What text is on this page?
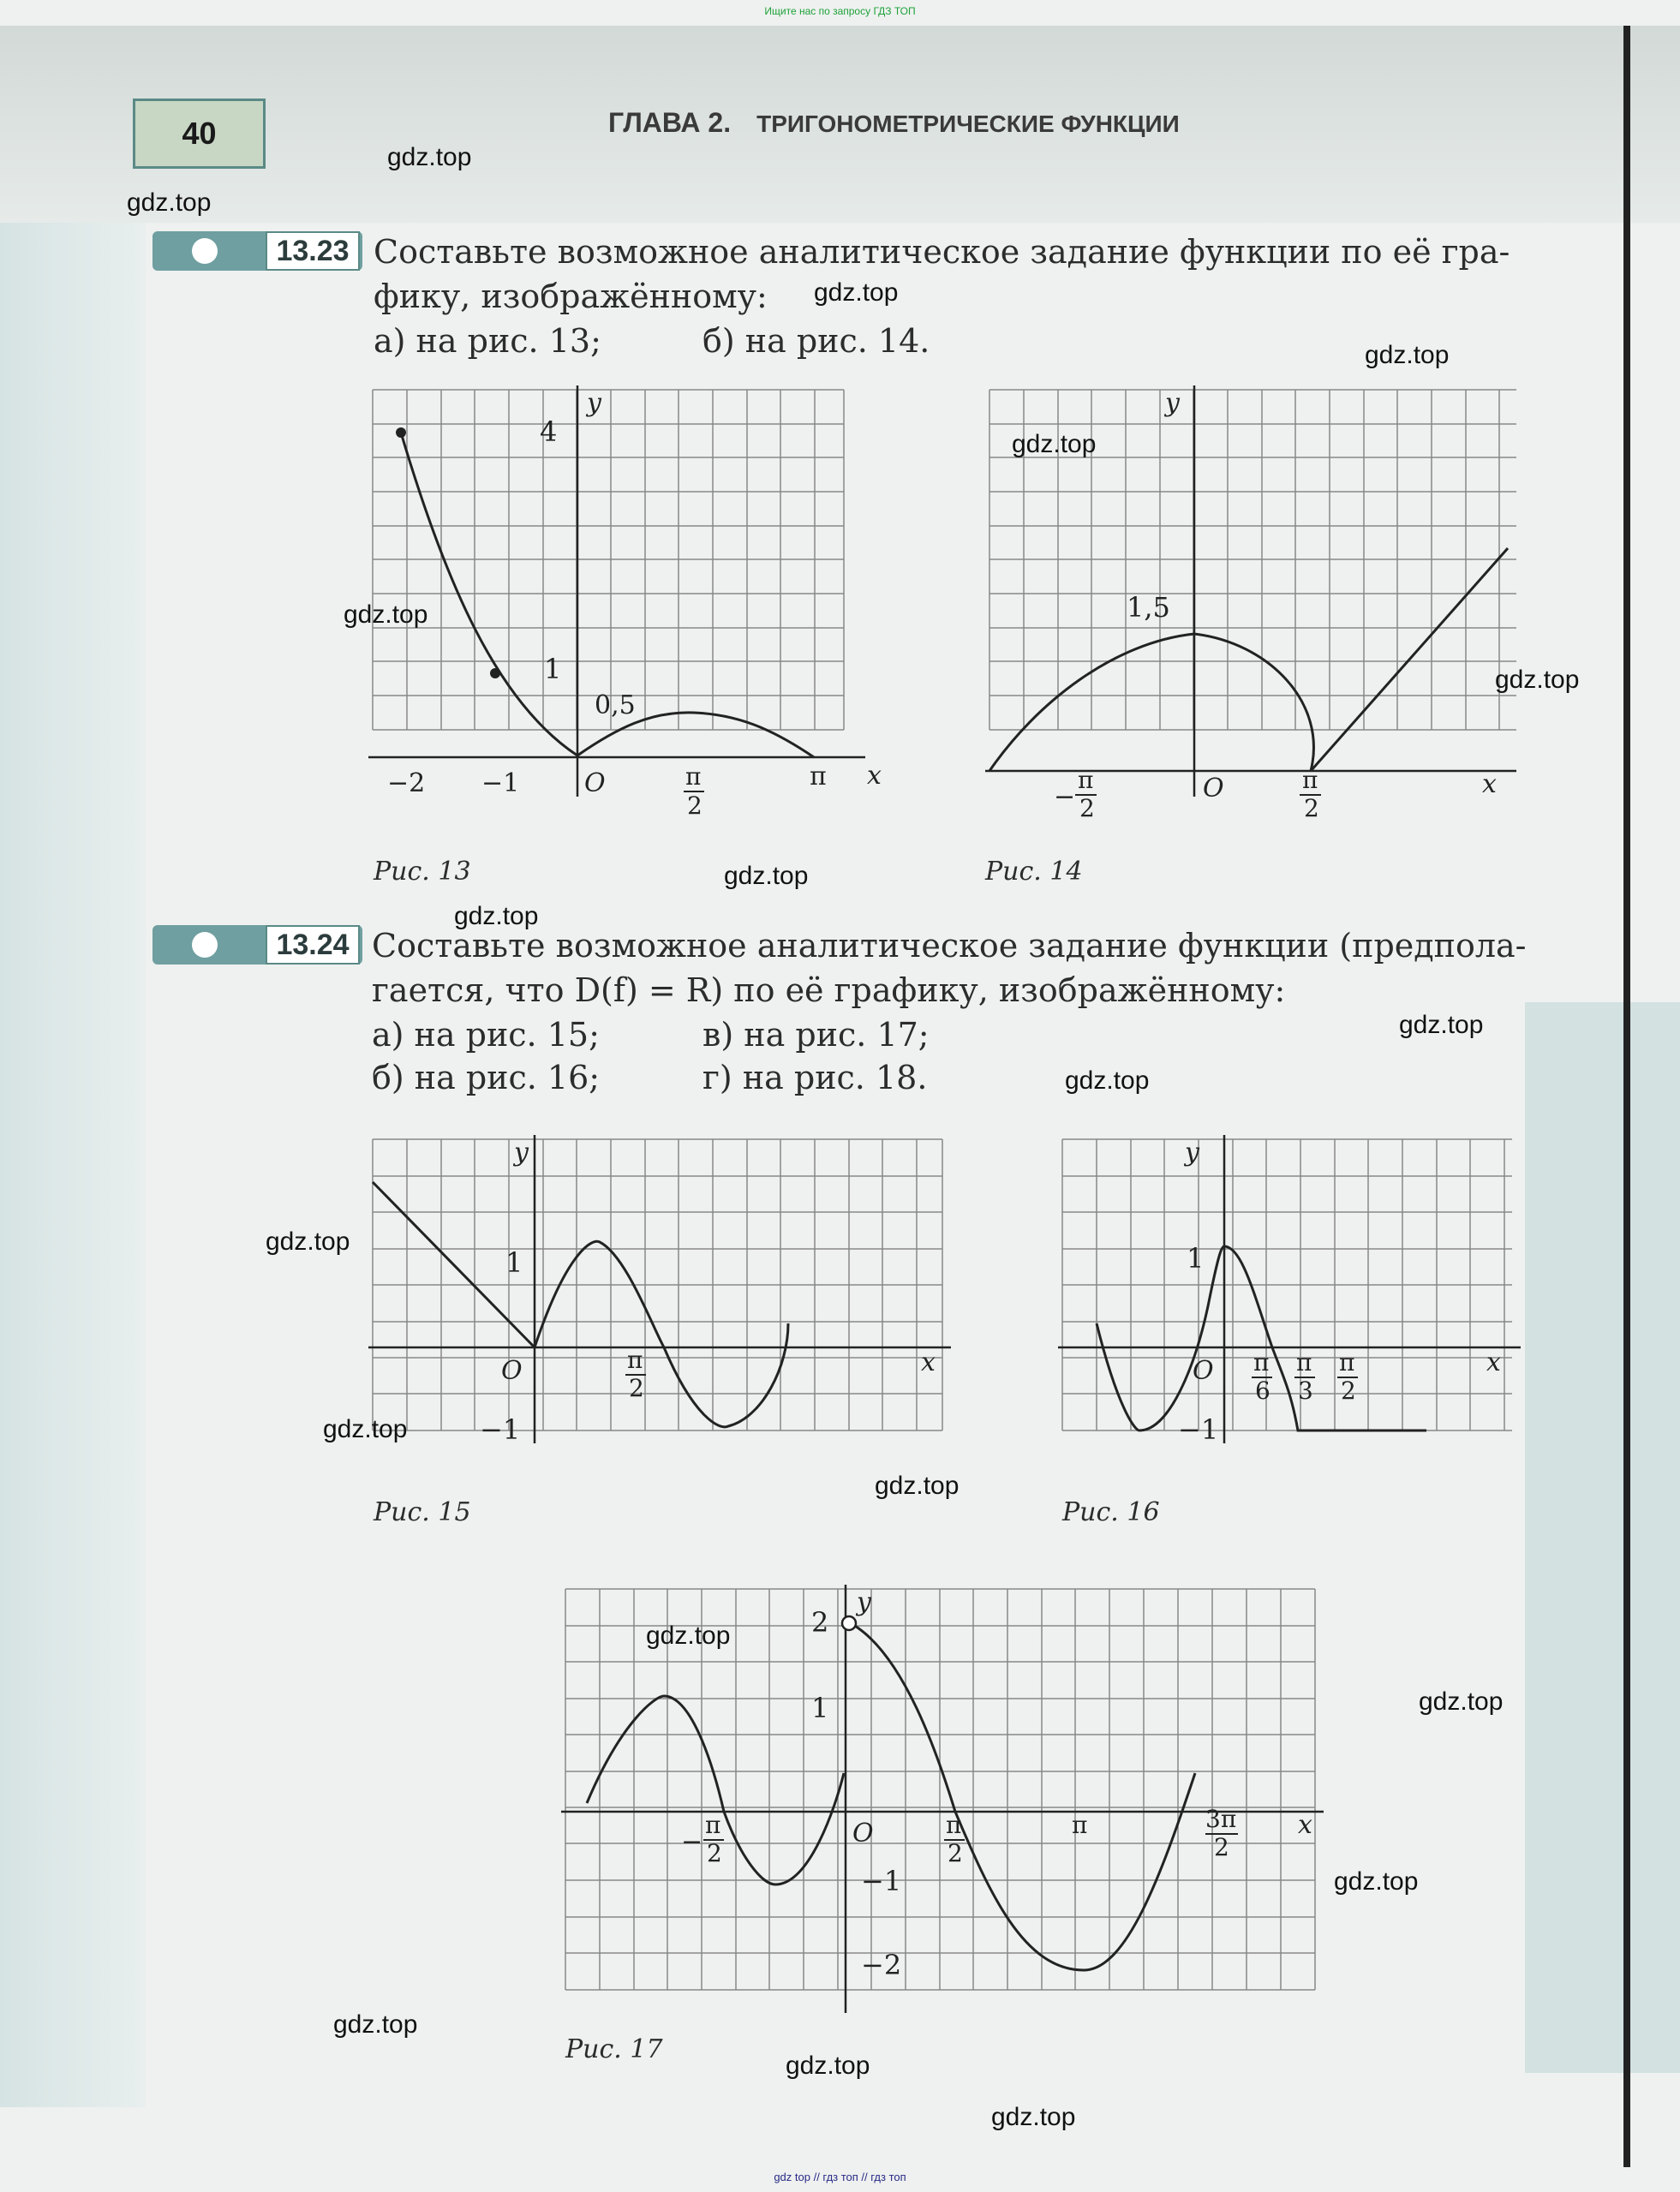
Ищите нас по запросу ГДЗ ТОП
40	ГЛАВА 2. ТРИГОНОМЕТРИЧЕСКИЕ ФУНКЦИИ
13.23 Составьте возможное аналитическое задание функции по её гра-
фику, изображённому:
а) на рис. 13;	б) на рис. 14.
4
1
0,5
y
x
O
−2 −1	π
2
π
Рис. 13
1,5
y
x
O
−
π
2
π
2
Рис. 14
13.24 Составьте возможное аналитическое задание функции (предпола-
гается, что D(f) = R) по её графику, изображённому:
а) на рис. 15;	в) на рис. 17;
б) на рис. 16;	г) на рис. 18.
1
−1
y
x
O	π
2
Рис. 15
1
−1
y
x
O π
6
π
3
π
2
Рис. 16
2
1
−1
−2
y
x
O
−
π
2
π
2
π	3π
2
Рис. 17
gdz.top
gdz.top
gdz.top
gdz.top
gdz.top
gdz.top
gdz.top
gdz.top
gdz.top
gdz.top
gdz.top
gdz.top
gdz.top
gdz.top
gdz.top
gdz.top
gdz.top
gdz.top
gdz.top
gdz.top
gdz top // гдз топ // гдз топ
